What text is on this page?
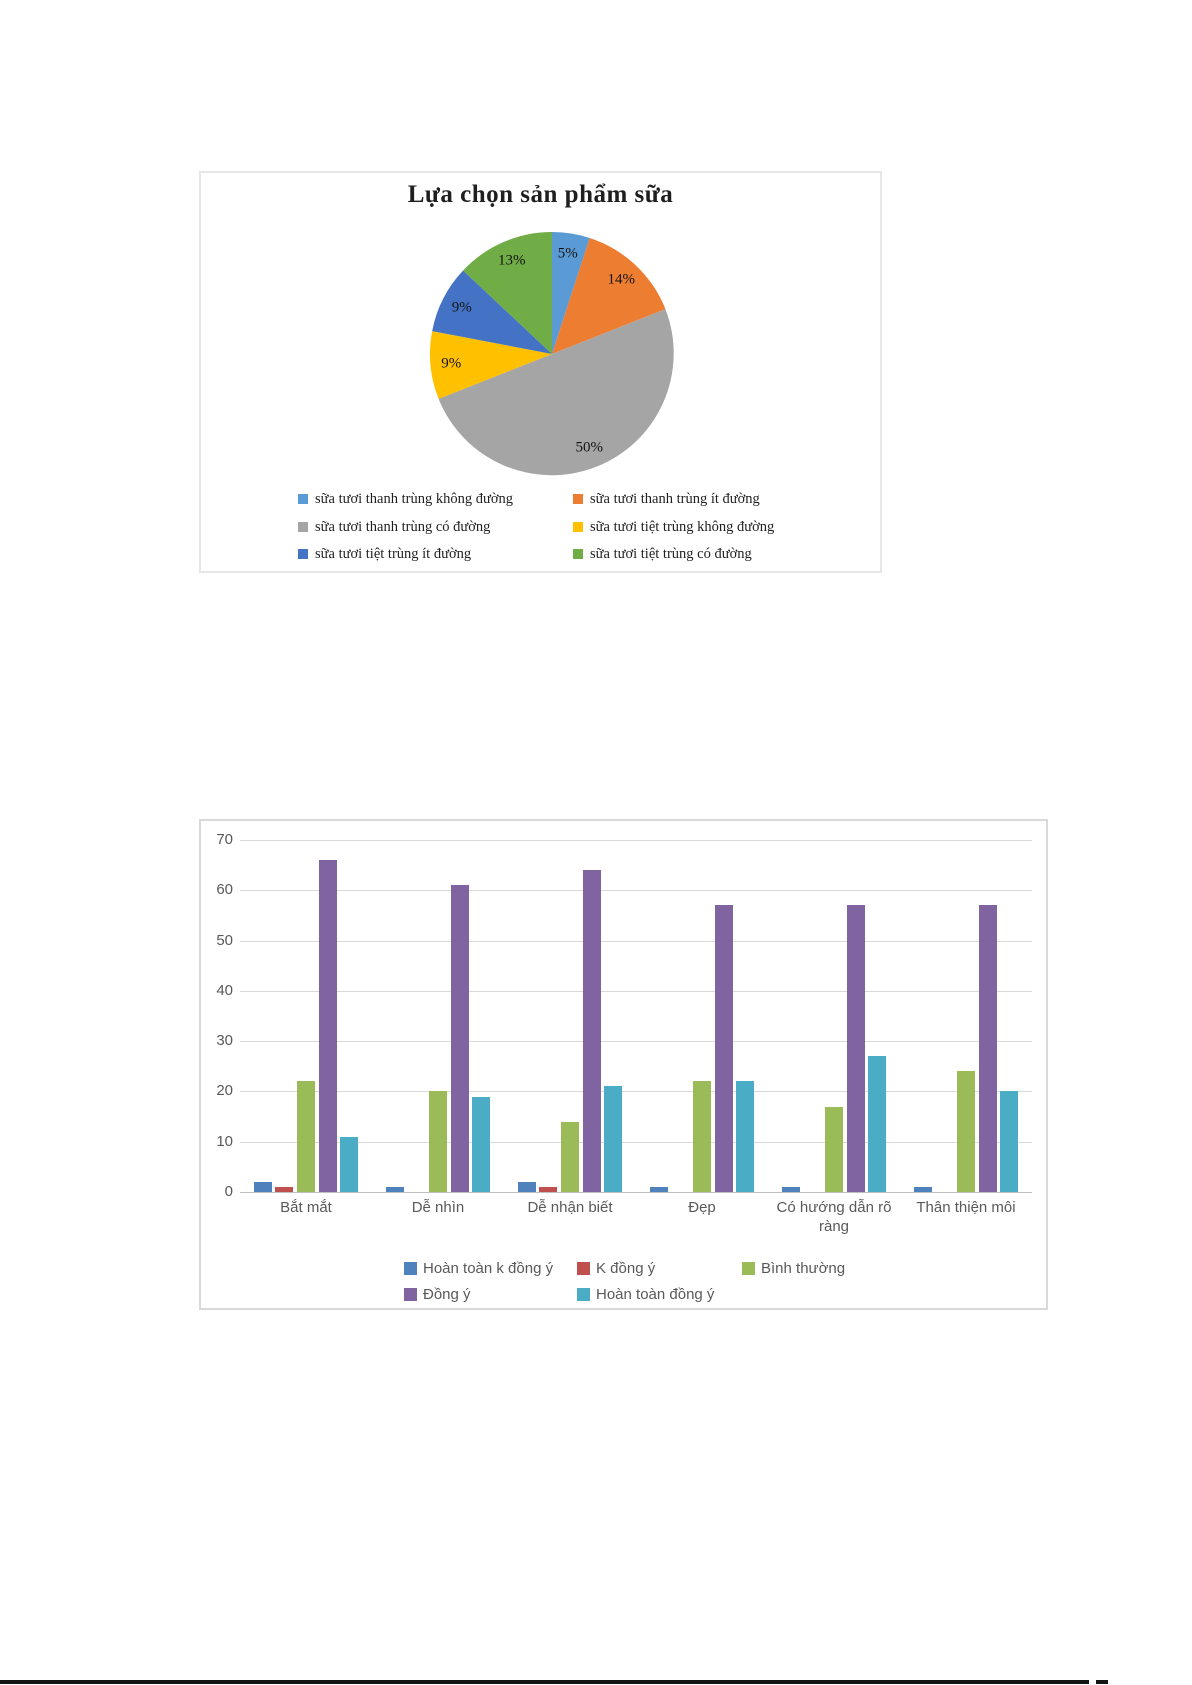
Lựa chọn sản phẩm sữa
5%
14%
50%
9%
9%
13%
sữa tươi thanh trùng không đường	sữa tươi thanh trùng ít đường
sữa tươi thanh trùng có đường	sữa tươi tiệt trùng không đường
sữa tươi tiệt trùng ít đường	sữa tươi tiệt trùng có đường
0
10
20
30
40
50
60
70
Bắt mắt	Dễ nhìn	Dễ nhận biết	Đẹp	Có hướng dẫn rõ ràng
Thân thiện môi
Hoàn toàn k đồng ý	K đồng ý	Bình thường
Đồng ý	Hoàn toàn đồng ý
